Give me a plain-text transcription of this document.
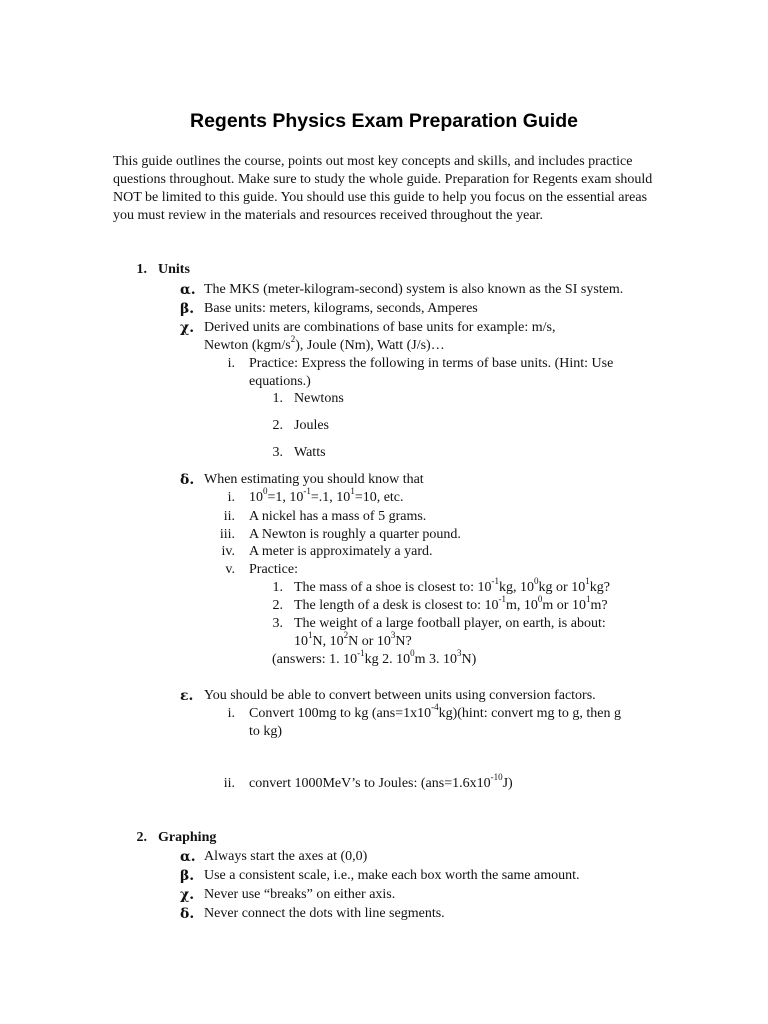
Regents Physics Exam Preparation Guide

This guide outlines the course, points out most key concepts and skills, and includes practice questions throughout. Make sure to study the whole guide. Preparation for Regents exam should NOT be limited to this guide. You should use this guide to help you focus on the essential areas you must review in the materials and resources received throughout the year.

1. Units
α. The MKS (meter-kilogram-second) system is also known as the SI system.
β. Base units: meters, kilograms, seconds, Amperes
χ. Derived units are combinations of base units for example: m/s,
Newton $(kgm/s^2)$, Joule (Nm), Watt (J/s)…
i. Practice: Express the following in terms of base units. (Hint: Use
equations.)
1. Newtons
2. Joules
3. Watts
δ. When estimating you should know that
i. $10^0=1$, $10^{-1}=.1$, $10^1=10$, etc.
ii. A nickel has a mass of 5 grams.
iii. A Newton is roughly a quarter pound.
iv. A meter is approximately a yard.
v. Practice:
1. The mass of a shoe is closest to: $10^{-1}kg$, $10^0kg$ or $10^1kg$?
2. The length of a desk is closest to: $10^{-1}m$, $10^0m$ or $10^1m$?
3. The weight of a large football player, on earth, is about:
$10^1N$, $10^2N$ or $10^3N$?
(answers: 1. $10^{-1}kg$ 2. $10^0m$ 3. $10^3N$)
ε. You should be able to convert between units using conversion factors.
i. Convert 100mg to kg $(ans=1x10^{-4}kg)(hint$: convert mg to g, then g
to kg)
ii. convert 1000MeV’s to Joules: $(ans=1.6x10^{-10}J)$
2. Graphing
α. Always start the axes at (0,0)
β. Use a consistent scale, i.e., make each box worth the same amount.
χ. Never use “breaks” on either axis.
δ. Never connect the dots with line segments.
